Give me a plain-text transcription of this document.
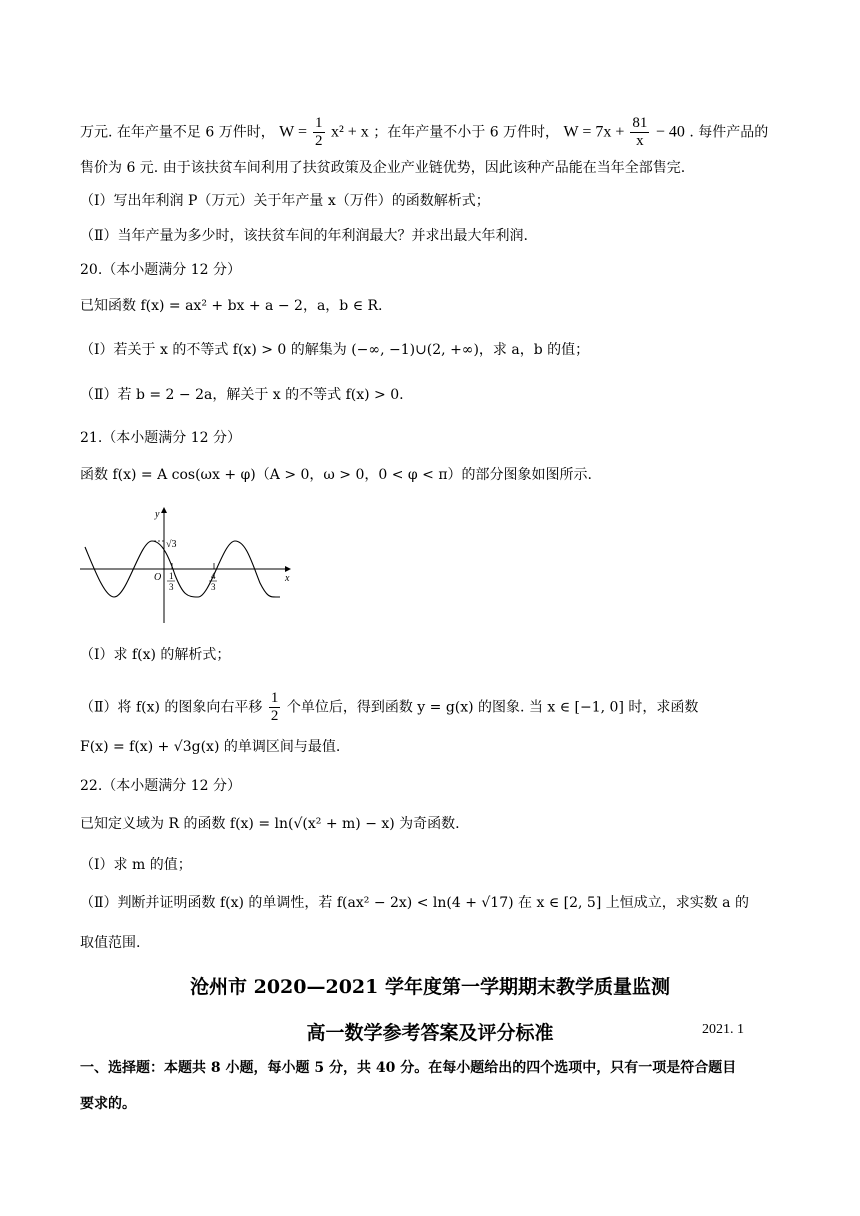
万元. 在年产量不足 6 万件时， $W = \frac{1}{2} x^2 + x$ ；在年产量不小于 6 万件时， $W = 7x + \frac{81}{x} - 40$ . 每件产品的
售价为 6 元. 由于该扶贫车间利用了扶贫政策及企业产业链优势，因此该种产品能在当年全部售完.
（Ⅰ）写出年利润 P（万元）关于年产量 x（万件）的函数解析式；
（Ⅱ）当年产量为多少时，该扶贫车间的年利润最大？并求出最大年利润.
20.（本小题满分 12 分）
已知函数 f(x) = ax² + bx + a − 2，a，b ∈ R.
（Ⅰ）若关于 x 的不等式 f(x) > 0 的解集为 (−∞, −1)∪(2, +∞)，求 a，b 的值；
（Ⅱ）若 b = 2 − 2a，解关于 x 的不等式 f(x) > 0.
21.（本小题满分 12 分）
函数 f(x) = A cos(ωx + φ)（A > 0，ω > 0，0 < φ < π）的部分图象如图所示.
y
x
O
√3
1
3
4
3
（Ⅰ）求 f(x) 的解析式；
（Ⅱ）将 f(x) 的图象向右平移 $\frac{1}{2}$ 个单位后，得到函数 y = g(x) 的图象. 当 x ∈ [−1, 0] 时，求函数
F(x) = f(x) + √3g(x) 的单调区间与最值.
22.（本小题满分 12 分）
已知定义域为 R 的函数 f(x) = ln(√(x² + m) − x) 为奇函数.
（Ⅰ）求 m 的值；
（Ⅱ）判断并证明函数 f(x) 的单调性，若 f(ax² − 2x) < ln(4 + √17) 在 x ∈ [2, 5] 上恒成立，求实数 a 的
取值范围.
沧州市 2020—2021 学年度第一学期期末教学质量监测
高一数学参考答案及评分标准	2021. 1
一、选择题：本题共 8 小题，每小题 5 分，共 40 分。在每小题给出的四个选项中，只有一项是符合题目
要求的。
